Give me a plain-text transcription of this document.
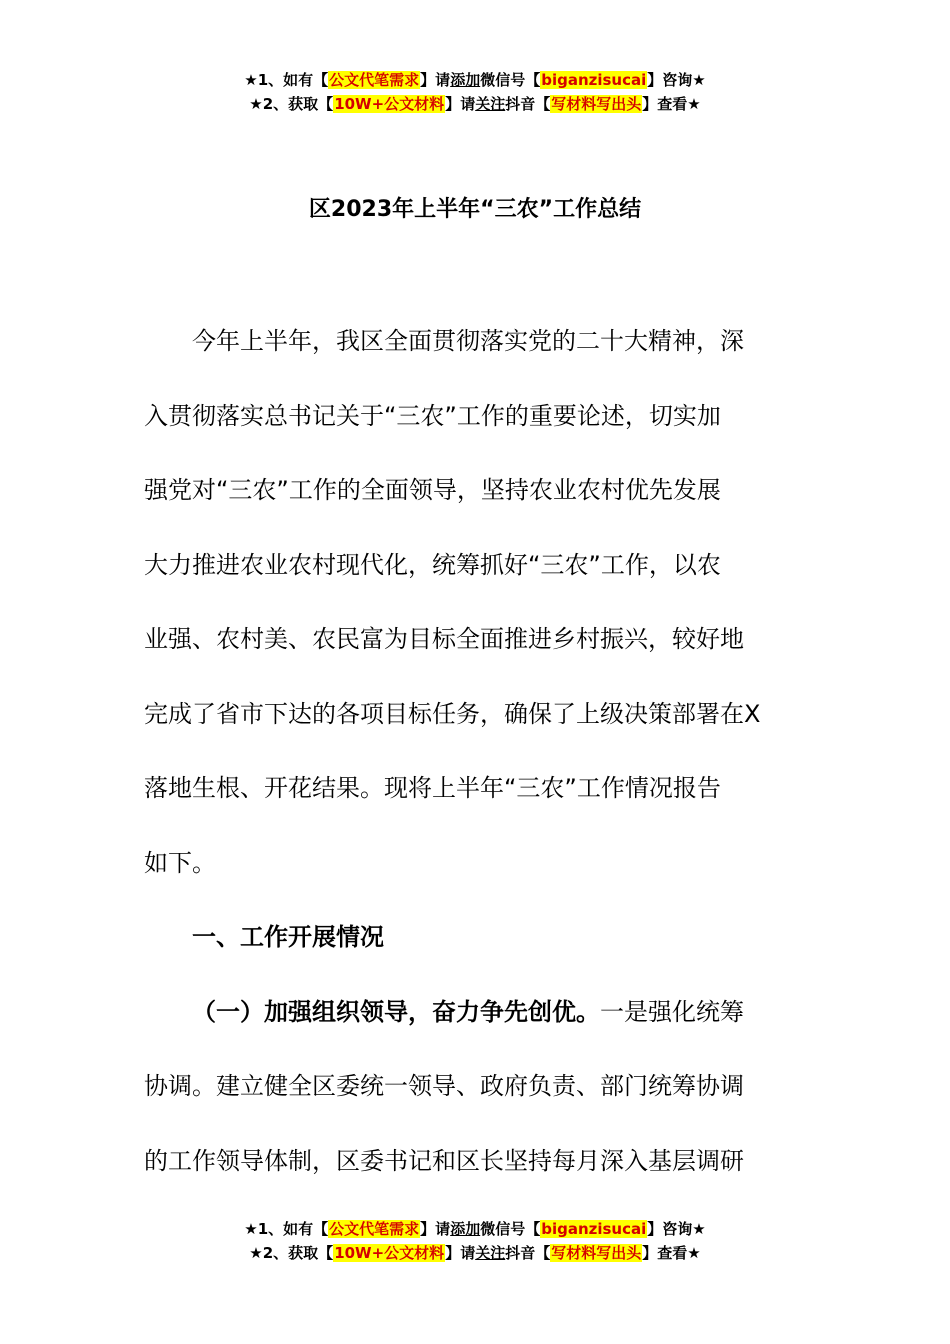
★1、如有【公文代笔需求】请添加微信号【biganzisucai】咨询★
★2、获取【10W+公文材料】请关注抖音【写材料写出头】查看★
区2023年上半年“三农”工作总结
今年上半年，我区全面贯彻落实党的二十大精神，深
入贯彻落实总书记关于“三农”工作的重要论述，切实加
强党对“三农”工作的全面领导，坚持农业农村优先发展
大力推进农业农村现代化，统筹抓好“三农”工作，以农
业强、农村美、农民富为目标全面推进乡村振兴，较好地
完成了省市下达的各项目标任务，确保了上级决策部署在X
落地生根、开花结果。现将上半年“三农”工作情况报告
如下。
一、工作开展情况
（一）加强组织领导，奋力争先创优。一是强化统筹
协调。建立健全区委统一领导、政府负责、部门统筹协调
的工作领导体制，区委书记和区长坚持每月深入基层调研
★1、如有【公文代笔需求】请添加微信号【biganzisucai】咨询★
★2、获取【10W+公文材料】请关注抖音【写材料写出头】查看★
